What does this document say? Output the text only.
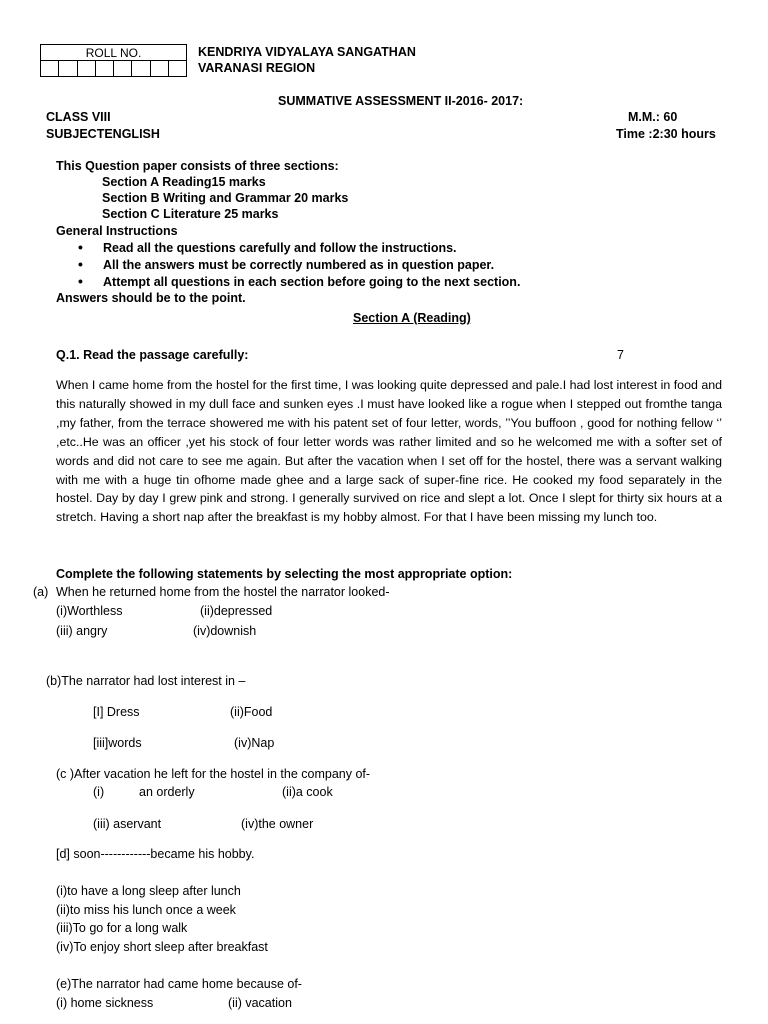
ROLL NO.
								KENDRIYA VIDYALAYA SANGATHAN
VARANASI REGION
SUMMATIVE ASSESSMENT II-2016- 2017:
CLASS VIII	M.M.: 60
SUBJECTENGLISH	Time :2:30 hours
This Question paper consists of three sections:
Section A Reading15 marks
Section B Writing and Grammar 20 marks
Section C Literature 25 marks
General Instructions
• Read all the questions carefully and follow the instructions.
• All the answers must be correctly numbered as in question paper.
• Attempt all questions in each section before going to the next section.
Answers should be to the point.
Section A (Reading)
Q.1. Read the passage carefully:	7
When I came home from the hostel for the first time, I was looking quite depressed and pale.I had lost interest in food and this naturally showed in my dull face and sunken eyes .I must have looked like a rogue when I stepped out fromthe tanga ,my father, from the terrace showered me with his patent set of four letter, words, ’’You buffoon , good for nothing fellow ‘’ ,etc..He was an officer ,yet his stock of four letter words was rather limited and so he welcomed me with a softer set of words and did not care to see me again. But after the vacation when I set off for the hostel, there was a servant walking with me with a huge tin ofhome made ghee and a large sack of super-fine rice. He cooked my food separately in the hostel. Day by day I grew pink and strong. I generally survived on rice and slept a lot. Once I slept for thirty six hours at a stretch. Having a short nap after the breakfast is my hobby almost. For that I have been missing my lunch too.
Complete the following statements by selecting the most appropriate option:
(a) When he returned home from the hostel the narrator looked-
(i)Worthless	(ii)depressed
(iii) angry	(iv)downish
(b)The narrator had lost interest in –
[I] Dress	(ii)Food
[iii]words	(iv)Nap
(c )After vacation he left for the hostel in the company of-
(i)	an orderly	(ii)a cook
(iii) aservant	(iv)the owner
[d] soon------------became his hobby.
(i)to have a long sleep after lunch
(ii)to miss his lunch once a week
(iii)To go for a long walk
(iv)To enjoy short sleep after breakfast
(e)The narrator had came home because of-
(i) home sickness	(ii) vacation
